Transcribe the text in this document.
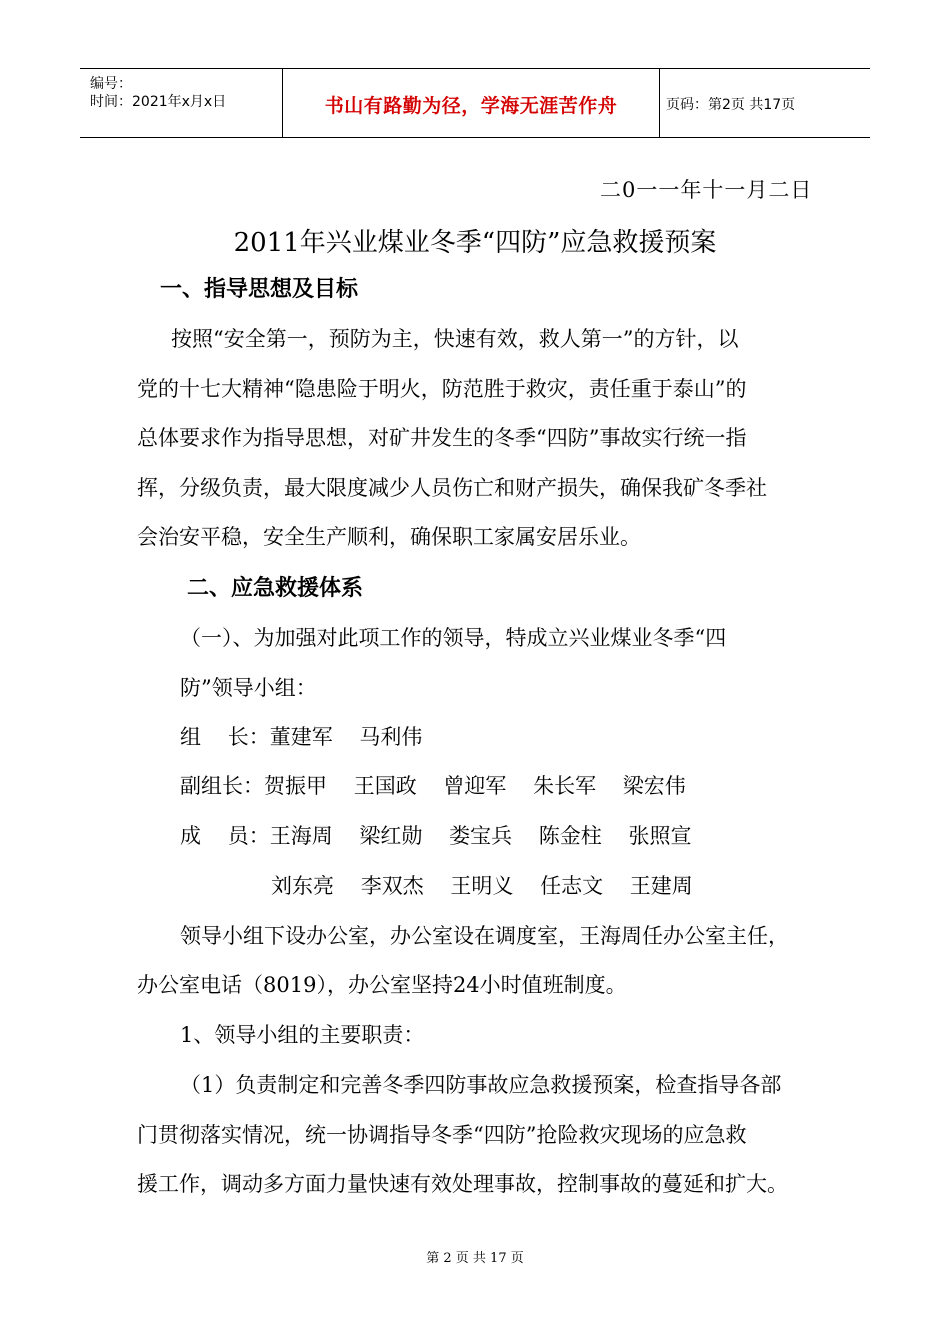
编号：
时间：2021年x月x日	书山有路勤为径，学海无涯苦作舟	页码：第2页 共17页
二0一一年十一月二日
2011年兴业煤业冬季“四防”应急救援预案
一、指导思想及目标
按照“安全第一，预防为主，快速有效，救人第一”的方针，以
党的十七大精神“隐患险于明火，防范胜于救灾，责任重于泰山”的
总体要求作为指导思想，对矿井发生的冬季“四防”事故实行统一指
挥，分级负责，最大限度减少人员伤亡和财产损失，确保我矿冬季社
会治安平稳，安全生产顺利，确保职工家属安居乐业。
二、应急救援体系
（一）、为加强对此项工作的领导，特成立兴业煤业冬季“四
防”领导小组：
组    长：董建军    马利伟
副组长：贺振甲    王国政    曾迎军    朱长军    梁宏伟
成    员：王海周    梁红勋    娄宝兵    陈金柱    张照宣
刘东亮    李双杰    王明义    任志文    王建周
领导小组下设办公室，办公室设在调度室，王海周任办公室主任，
办公室电话（8019），办公室坚持24小时值班制度。
1、领导小组的主要职责：
（1）负责制定和完善冬季四防事故应急救援预案，检查指导各部
门贯彻落实情况，统一协调指导冬季“四防”抢险救灾现场的应急救
援工作，调动多方面力量快速有效处理事故，控制事故的蔓延和扩大。
第 2 页 共 17 页
